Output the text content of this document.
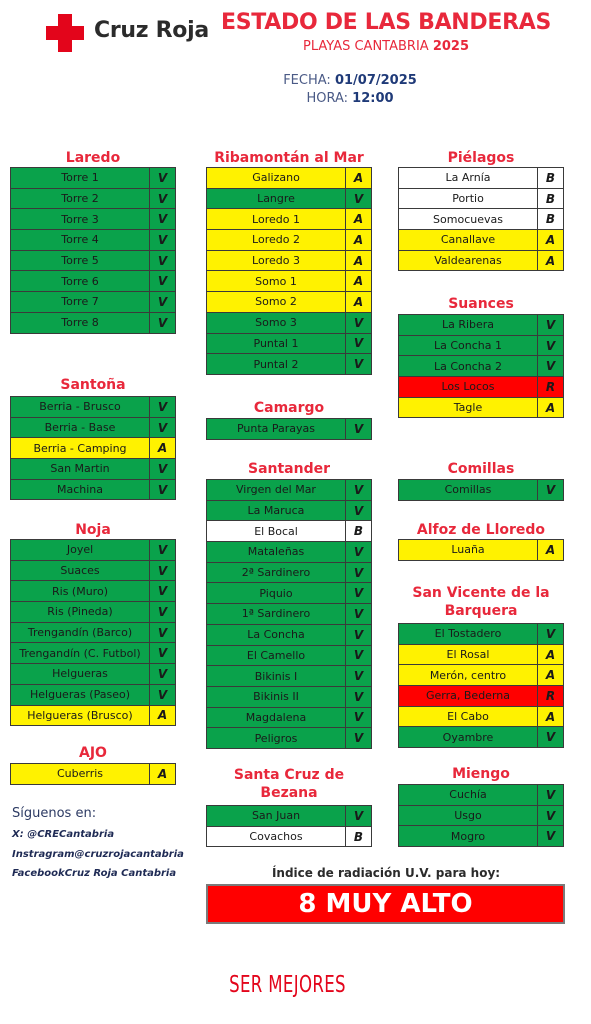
Cruz Roja ESTADO DE LAS BANDERAS
PLAYAS CANTABRIA 2025
FECHA: 01/07/2025
HORA: 12:00
Laredo
Santoña
Noja
AJO
Ribamontán al Mar
Camargo
Santander
Santa Cruz de Bezana
Piélagos
Suances
Comillas
Alfoz de Lloredo
San Vicente de la Barquera
Miengo
Torre 1	V
Torre 2	V
Torre 3	V
Torre 4	V
Torre 5	V
Torre 6	V
Torre 7	V
Torre 8	V
Berria - Brusco	V
Berria - Base	V
Berria - Camping	A
San Martin	V
Machina	V
Joyel	V
Suaces	V
Ris (Muro)	V
Ris (Pineda)	V
Trengandín (Barco)	V
Trengandín (C. Futbol)	V
Helgueras	V
Helgueras (Paseo)	V
Helgueras (Brusco)	A
Cuberris	A
Galizano	A
Langre	V
Loredo 1	A
Loredo 2	A
Loredo 3	A
Somo 1	A
Somo 2	A
Somo 3	V
Puntal 1	V
Puntal 2	V
Punta Parayas	V
Virgen del Mar	V
La Maruca	V
El Bocal	B
Mataleñas	V
2ª Sardinero	V
Piquio	V
1ª Sardinero	V
La Concha	V
El Camello	V
Bikinis I	V
Bikinis II	V
Magdalena	V
Peligros	V
San Juan	V
Covachos	B
La Arnía	B
Portio	B
Somocuevas	B
Canallave	A
Valdearenas	A
La Ribera	V
La Concha 1	V
La Concha 2	V
Los Locos	R
Tagle	A
Comillas	V
Luaña	A
El Tostadero	V
El Rosal	A
Merón, centro	A
Gerra, Bederna	R
El Cabo	A
Oyambre	V
Cuchía	V
Usgo	V
Mogro	V
Síguenos en:
X: @CRECantabria
Instragram@cruzrojacantabria
FacebookCruz Roja Cantabria	Índice de radiación U.V. para hoy:
8 MUY ALTO
SER MEJORES
